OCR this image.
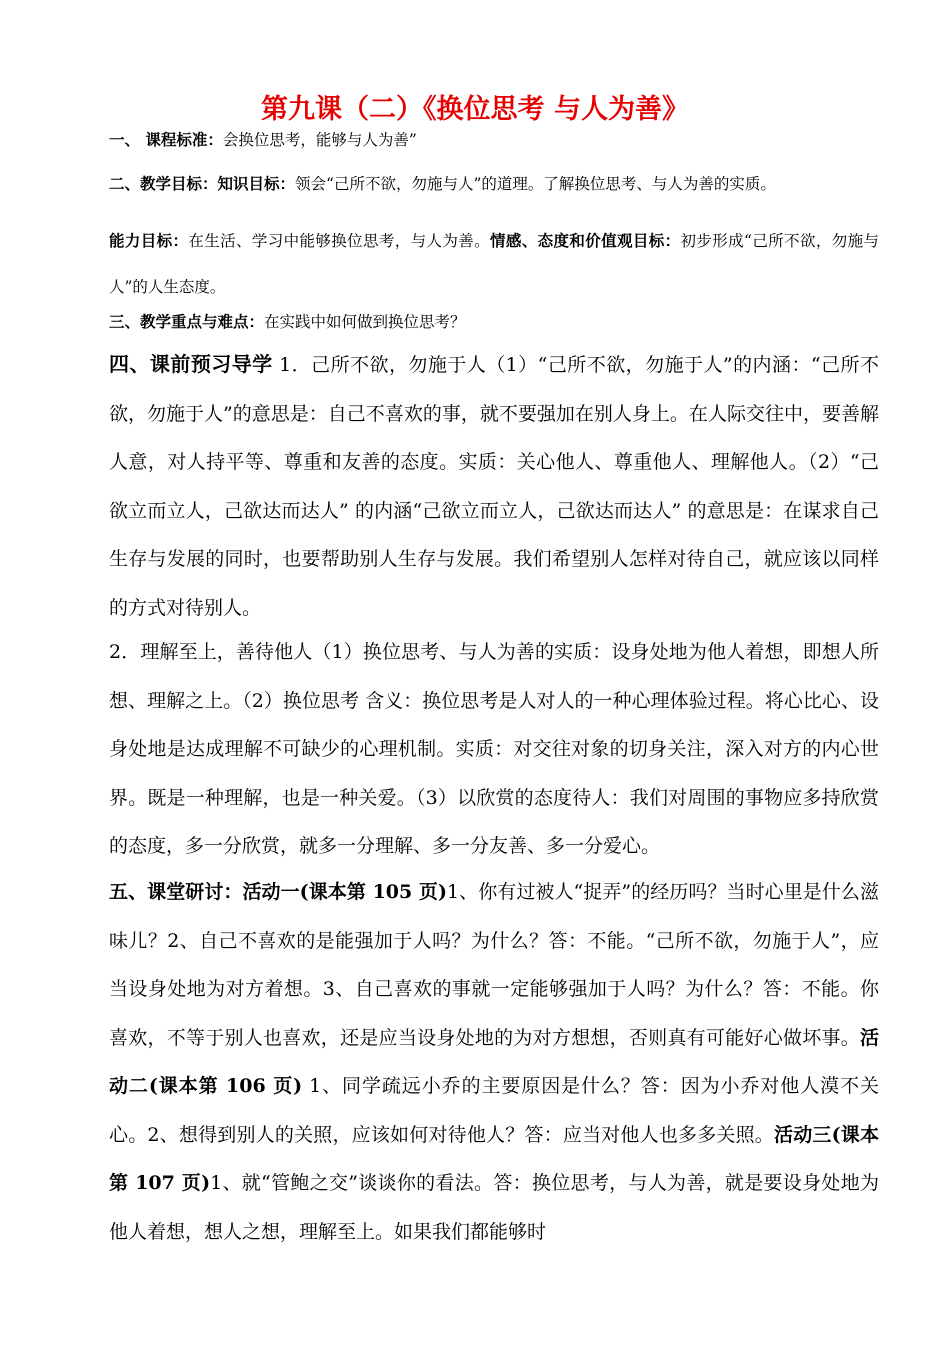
第九课（二）《换位思考 与人为善》
一、 课程标准：会换位思考，能够与人为善”
二、教学目标：知识目标：领会“己所不欲，勿施与人”的道理。了解换位思考、与人为善的实质。
能力目标：在生活、学习中能够换位思考，与人为善。情感、态度和价值观目标：初步形成“己所不欲，勿施与人”的人生态度。
三、教学重点与难点：在实践中如何做到换位思考？
四、课前预习导学 1．己所不欲，勿施于人（1）“己所不欲，勿施于人”的内涵：“己所不欲，勿施于人”的意思是：自己不喜欢的事，就不要强加在别人身上。在人际交往中，要善解人意，对人持平等、尊重和友善的态度。实质：关心他人、尊重他人、理解他人。（2）“己欲立而立人，己欲达而达人” 的内涵“己欲立而立人，己欲达而达人” 的意思是：在谋求自己生存与发展的同时，也要帮助别人生存与发展。我们希望别人怎样对待自己，就应该以同样的方式对待别人。
2．理解至上，善待他人（1）换位思考、与人为善的实质：设身处地为他人着想，即想人所想、理解之上。（2）换位思考 含义：换位思考是人对人的一种心理体验过程。将心比心、设身处地是达成理解不可缺少的心理机制。实质：对交往对象的切身关注，深入对方的内心世界。既是一种理解，也是一种关爱。（3）以欣赏的态度待人：我们对周围的事物应多持欣赏的态度，多一分欣赏，就多一分理解、多一分友善、多一分爱心。
五、课堂研讨：活动一(课本第 105 页)1、你有过被人“捉弄”的经历吗？当时心里是什么滋味儿？2、自己不喜欢的是能强加于人吗？为什么？答：不能。“己所不欲，勿施于人”，应当设身处地为对方着想。3、自己喜欢的事就一定能够强加于人吗？为什么？答：不能。你喜欢，不等于别人也喜欢，还是应当设身处地的为对方想想，否则真有可能好心做坏事。活动二(课本第 106 页) 1、同学疏远小乔的主要原因是什么？答：因为小乔对他人漠不关心。2、想得到别人的关照，应该如何对待他人？答：应当对他人也多多关照。活动三(课本第 107 页)1、就“管鲍之交”谈谈你的看法。答：换位思考，与人为善，就是要设身处地为他人着想，想人之想，理解至上。如果我们都能够时
